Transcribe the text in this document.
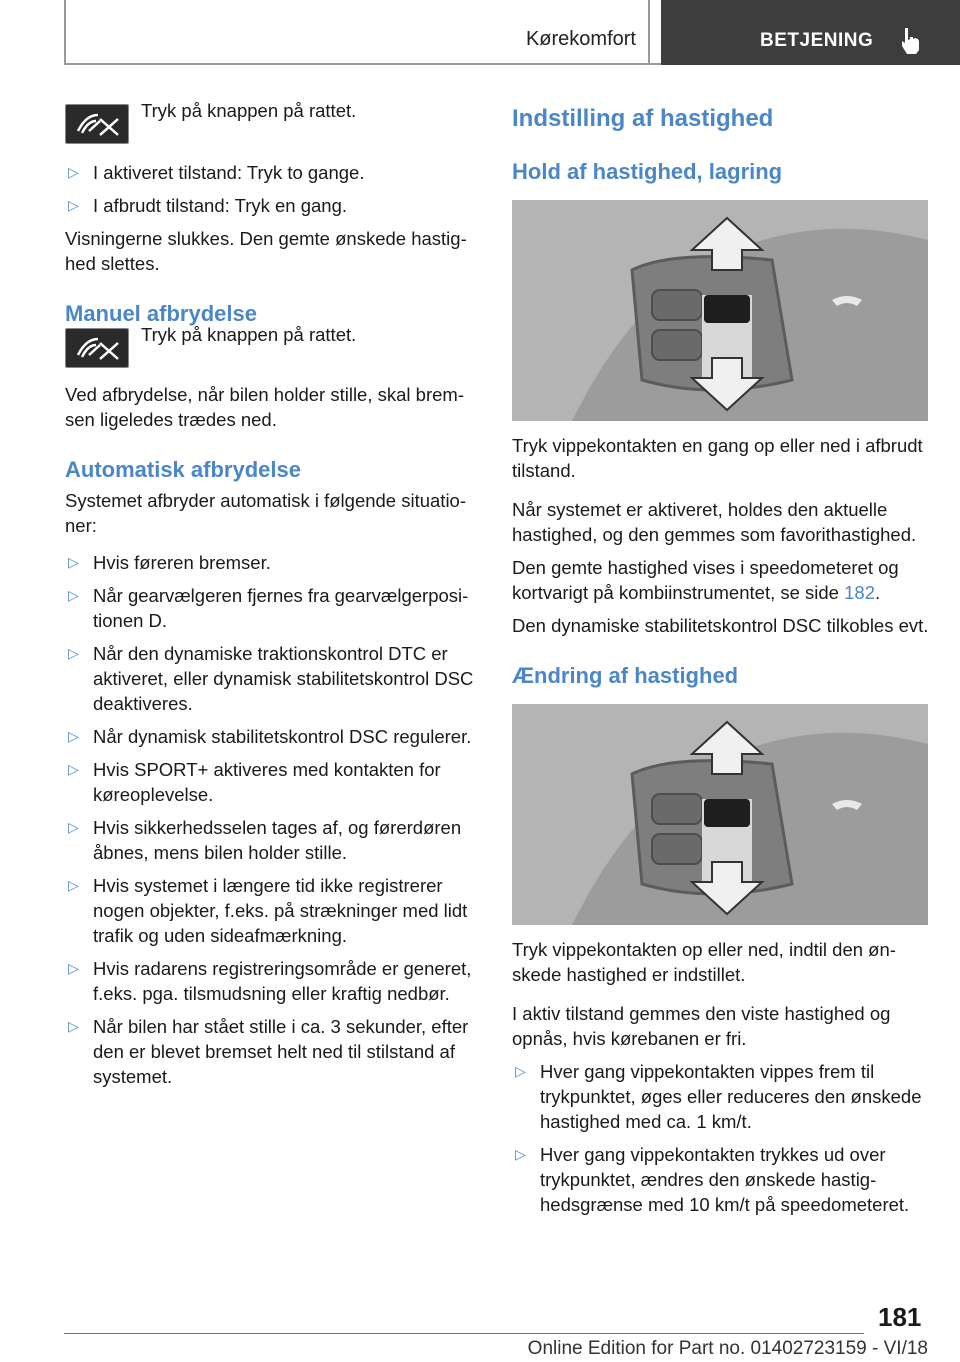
Kørekomfort	BETJENING
Tryk på knappen på rattet.
▷ I aktiveret tilstand: Tryk to gange.
▷ I afbrudt tilstand: Tryk en gang.

Visningerne slukkes. Den gemte ønskede hastighed slettes.

Manuel afbrydelse
Tryk på knappen på rattet.

Ved afbrydelse, når bilen holder stille, skal bremsen ligeledes trædes ned.

Automatisk afbrydelse

Systemet afbryder automatisk i følgende situationer:

▷ Hvis føreren bremser.
▷ Når gearvælgeren fjernes fra gearvælgerpositionen D.
▷ Når den dynamiske traktionskontrol DTC er aktiveret, eller dynamisk stabilitetskontrol DSC deaktiveres.
▷ Når dynamisk stabilitetskontrol DSC regulerer.
▷ Hvis SPORT+ aktiveres med kontakten for køreoplevelse.
▷ Hvis sikkerhedsselen tages af, og førerdøren åbnes, mens bilen holder stille.
▷ Hvis systemet i længere tid ikke registrerer nogen objekter, f.eks. på strækninger med lidt trafik og uden sideafmærkning.
▷ Hvis radarens registreringsområde er generet, f.eks. pga. tilsmudsning eller kraftig nedbør.
▷ Når bilen har stået stille i ca. 3 sekunder, efter den er blevet bremset helt ned til stilstand af systemet.
Indstilling af hastighed
Hold af hastighed, lagring

Tryk vippekontakten en gang op eller ned i afbrudt tilstand.

Når systemet er aktiveret, holdes den aktuelle hastighed, og den gemmes som favorithastighed.

Den gemte hastighed vises i speedometeret og kortvarigt på kombiinstrumentet, se side 182.

Den dynamiske stabilitetskontrol DSC tilkobles evt.

Ændring af hastighed

Tryk vippekontakten op eller ned, indtil den ønskede hastighed er indstillet.

I aktiv tilstand gemmes den viste hastighed og opnås, hvis kørebanen er fri.

▷ Hver gang vippekontakten vippes frem til trykpunktet, øges eller reduceres den ønskede hastighed med ca. 1 km/t.
▷ Hver gang vippekontakten trykkes ud over trykpunktet, ændres den ønskede hastighedsgrænse med 10 km/t på speedometeret.
181
Online Edition for Part no. 01402723159 - VI/18
